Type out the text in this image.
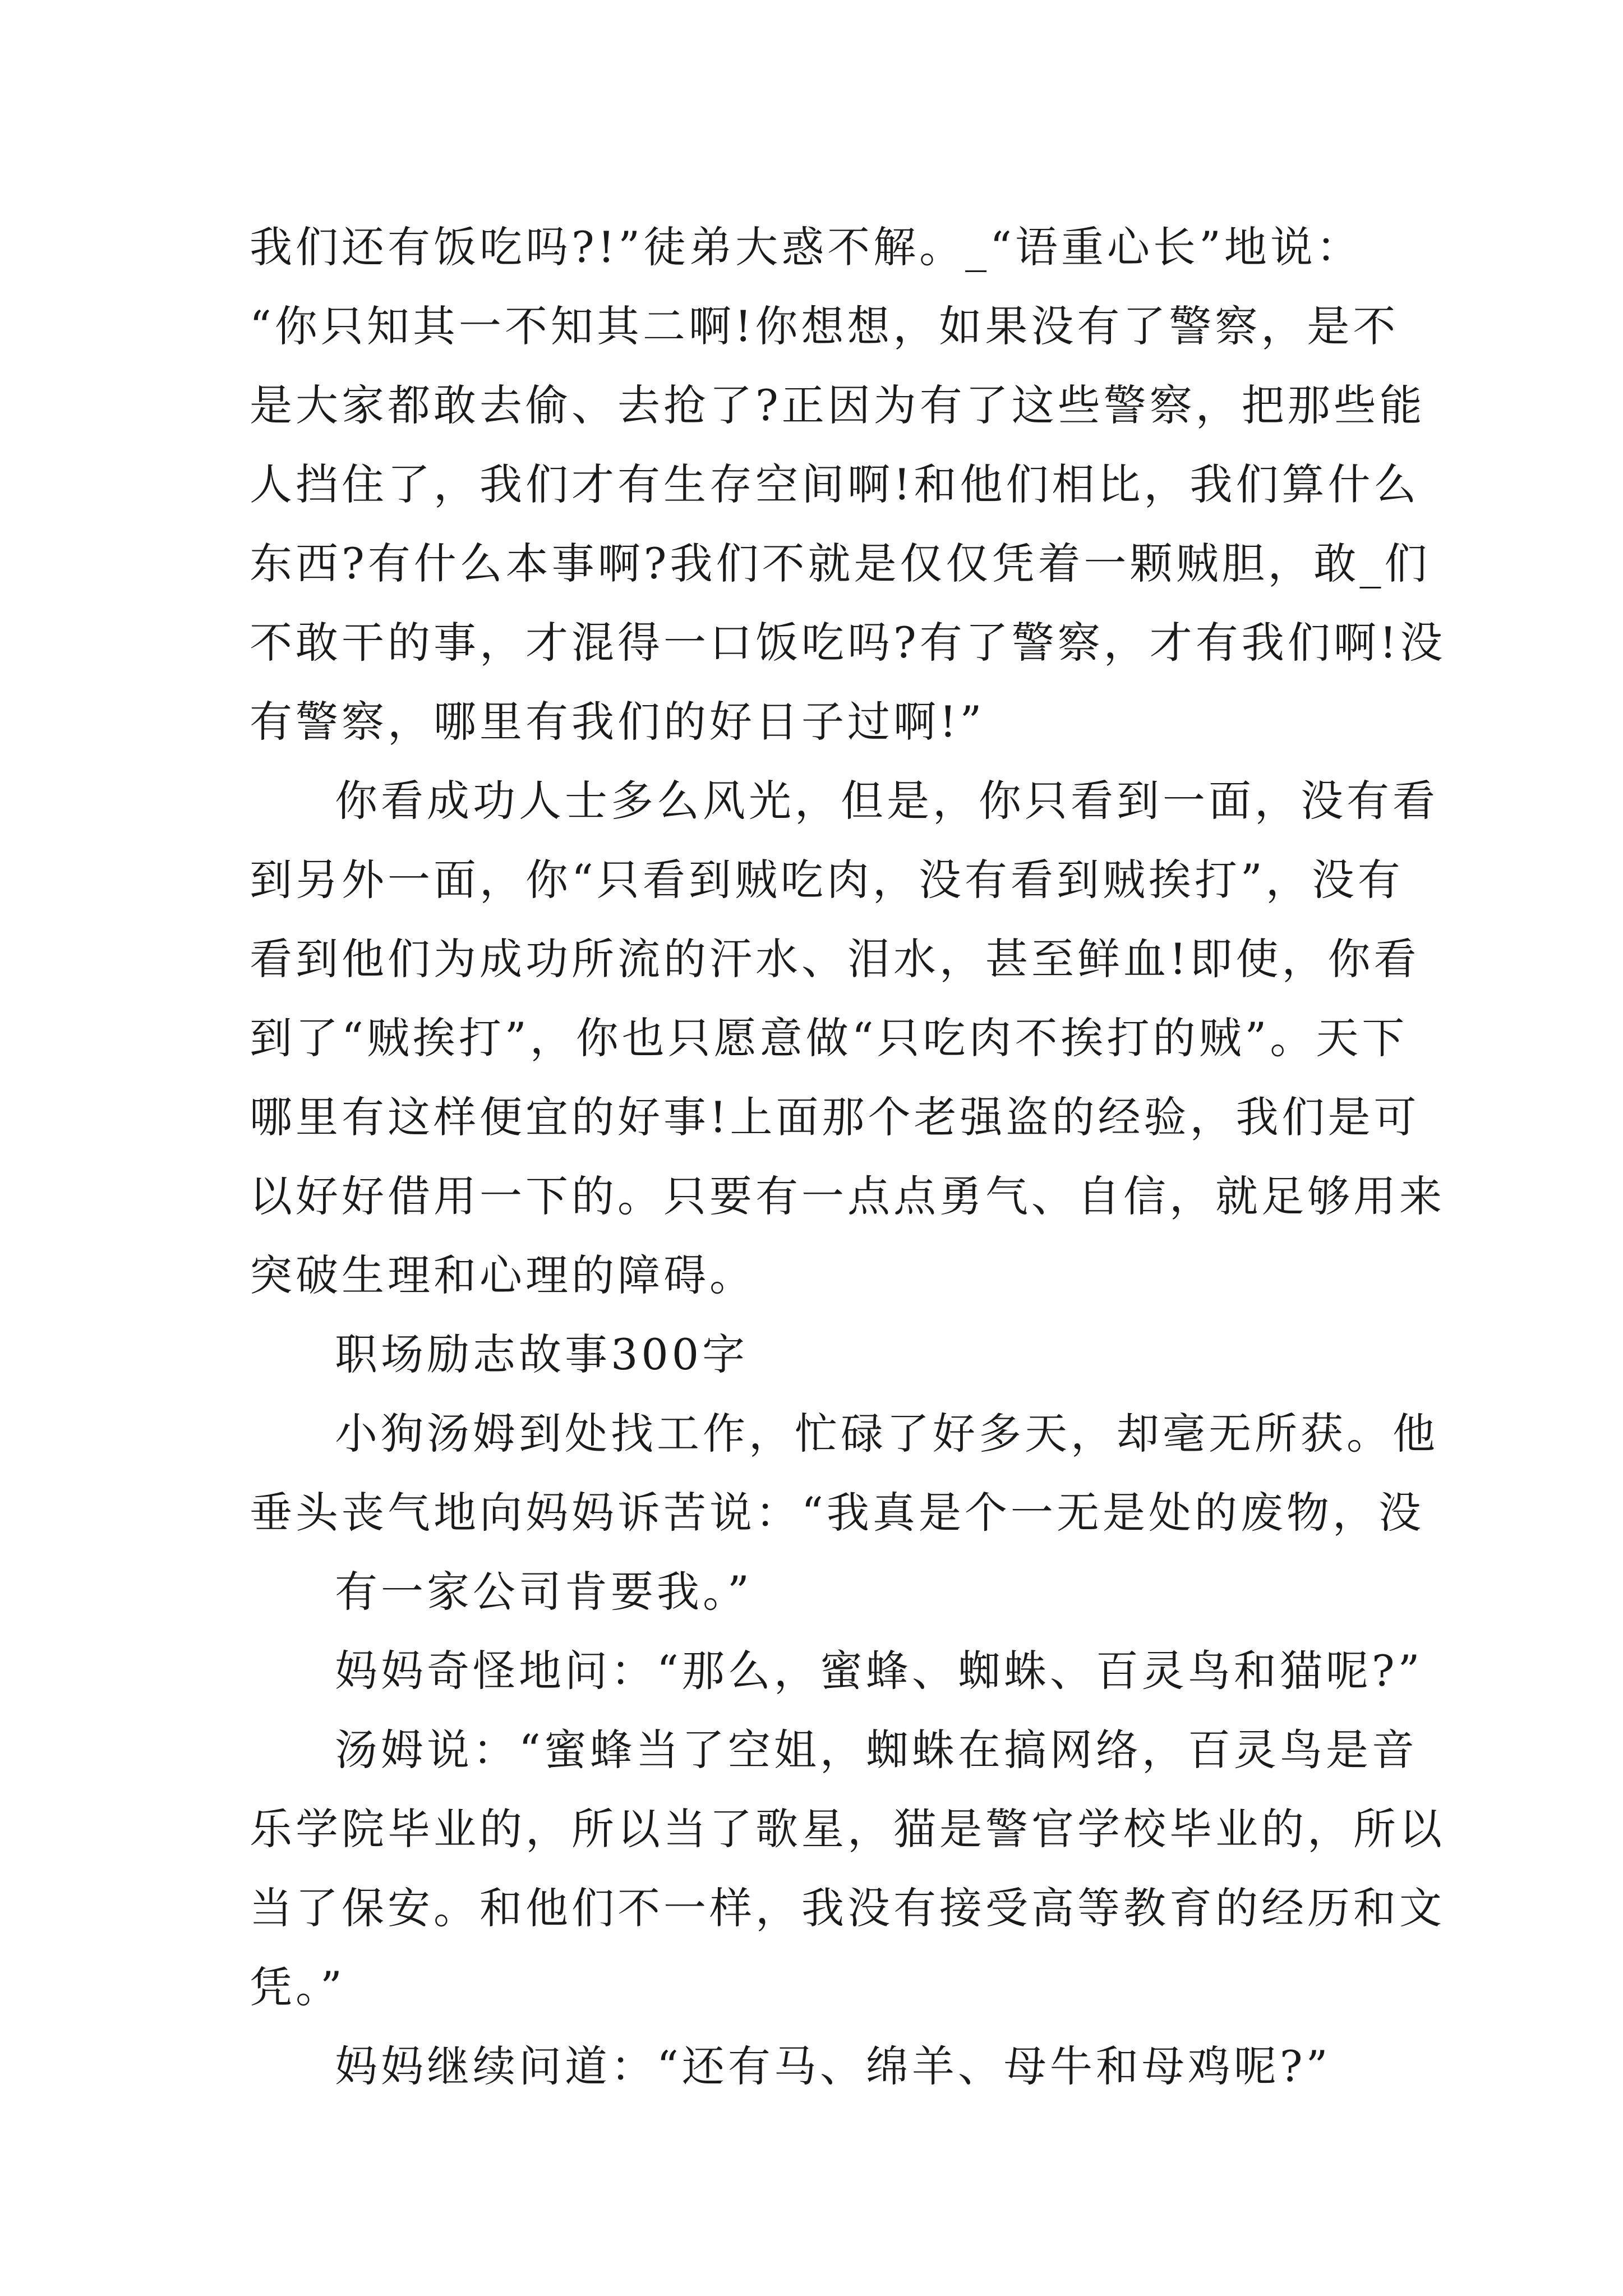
我们还有饭吃吗?!”徒弟大惑不解。_“语重心长”地说：
“你只知其一不知其二啊!你想想，如果没有了警察，是不
是大家都敢去偷、去抢了?正因为有了这些警察，把那些能
人挡住了，我们才有生存空间啊!和他们相比，我们算什么
东西?有什么本事啊?我们不就是仅仅凭着一颗贼胆，敢_们
不敢干的事，才混得一口饭吃吗?有了警察，才有我们啊!没
有警察，哪里有我们的好日子过啊!”
你看成功人士多么风光，但是，你只看到一面，没有看
到另外一面，你“只看到贼吃肉，没有看到贼挨打”，没有
看到他们为成功所流的汗水、泪水，甚至鲜血!即使，你看
到了“贼挨打”，你也只愿意做“只吃肉不挨打的贼”。天下
哪里有这样便宜的好事!上面那个老强盗的经验，我们是可
以好好借用一下的。只要有一点点勇气、自信，就足够用来
突破生理和心理的障碍。
职场励志故事300字
小狗汤姆到处找工作，忙碌了好多天，却毫无所获。他
垂头丧气地向妈妈诉苦说：“我真是个一无是处的废物，没
有一家公司肯要我。”
妈妈奇怪地问：“那么，蜜蜂、蜘蛛、百灵鸟和猫呢?”
汤姆说：“蜜蜂当了空姐，蜘蛛在搞网络，百灵鸟是音
乐学院毕业的，所以当了歌星，猫是警官学校毕业的，所以
当了保安。和他们不一样，我没有接受高等教育的经历和文
凭。”
妈妈继续问道：“还有马、绵羊、母牛和母鸡呢?”
